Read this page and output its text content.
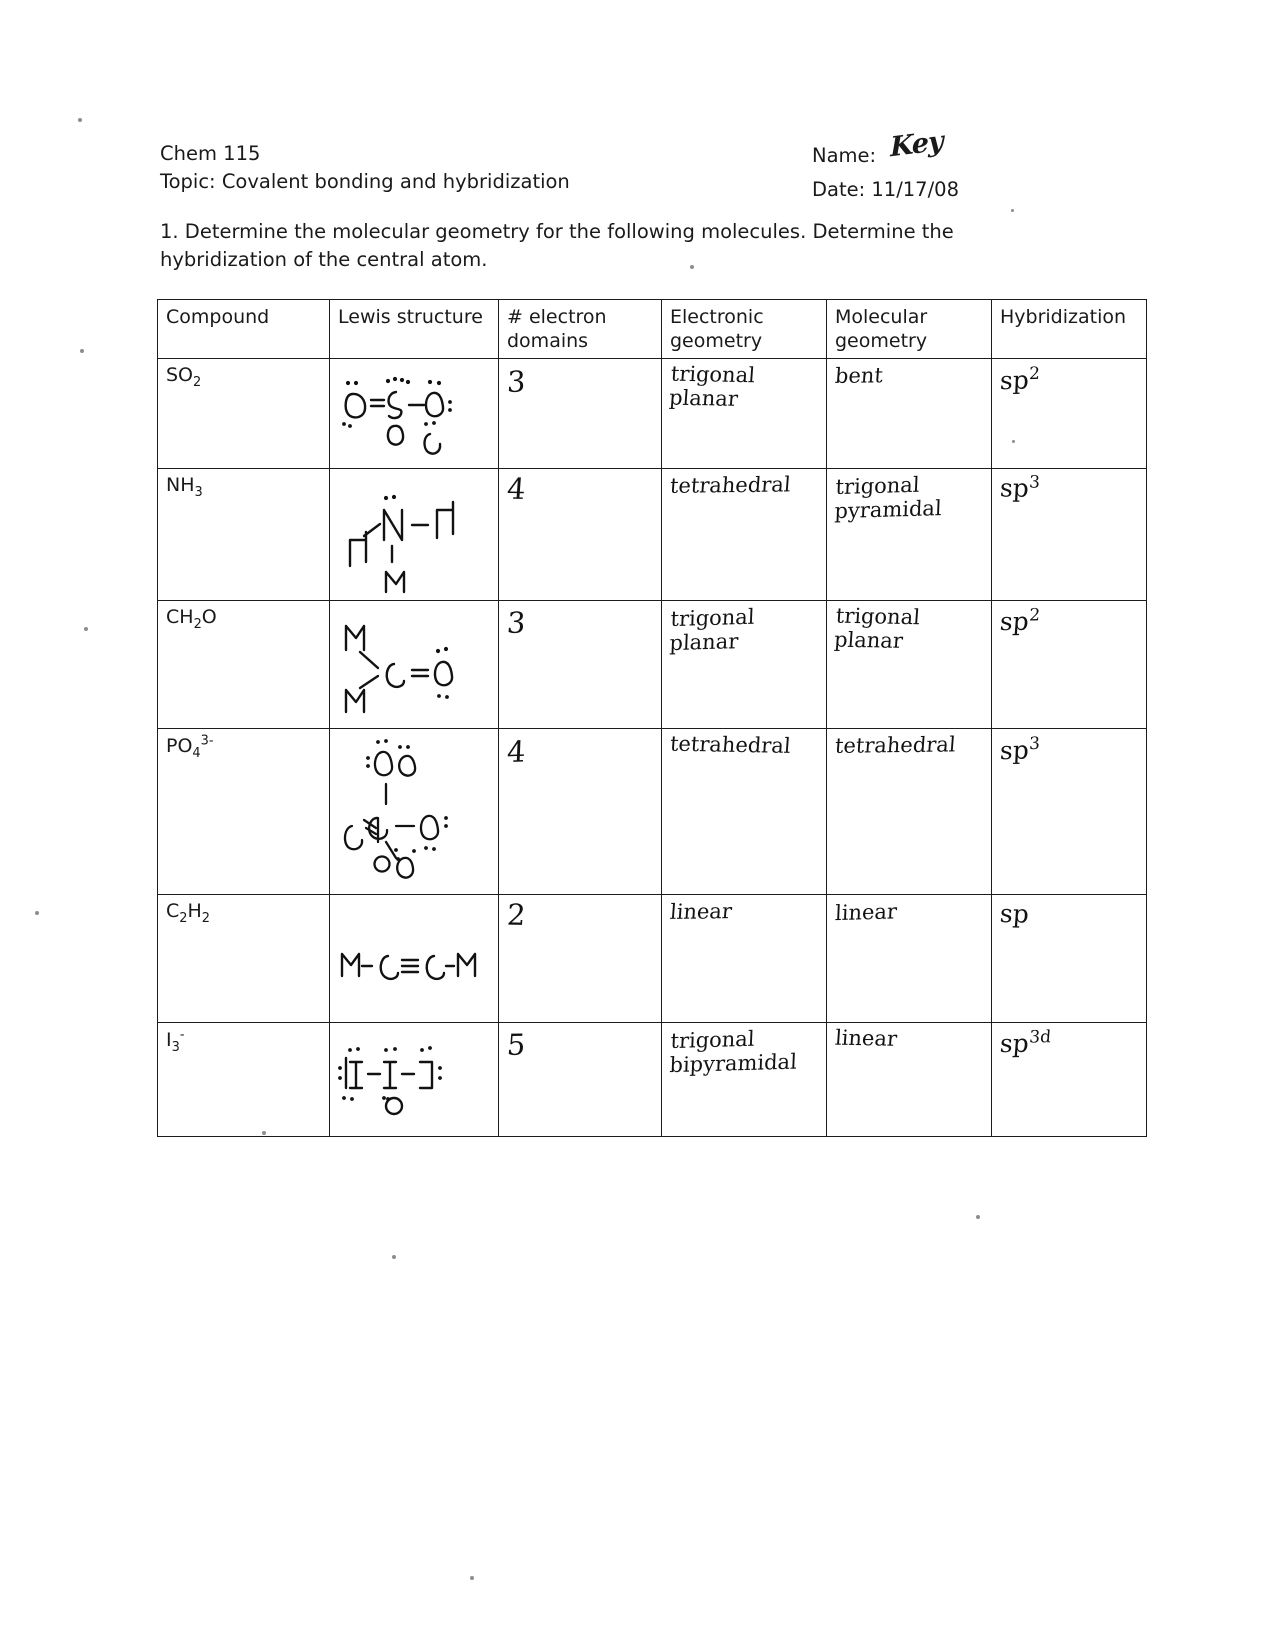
Chem 115
Topic: Covalent bonding and hybridization
Name: Key
Date: 11/17/08
1. Determine the molecular geometry for the following molecules. Determine the hybridization of the central atom.
Compound	Lewis structure	# electron domains	Electronic geometry	Molecular geometry	Hybridization
$SO_2$		3	trigonal planar	bent	$sp^2$

$NH_3$		4	tetrahedral	trigonal pyramidal	$sp^3$

$CH_2O$		3	trigonal planar	trigonal planar	$sp^2$

$PO_4^{3-}$		4	tetrahedral	tetrahedral	$sp^3$

$C_2H_2$		2	linear	linear	sp

$I_3^-$		5	trigonal bipyramidal	linear	$sp^{3d}$
